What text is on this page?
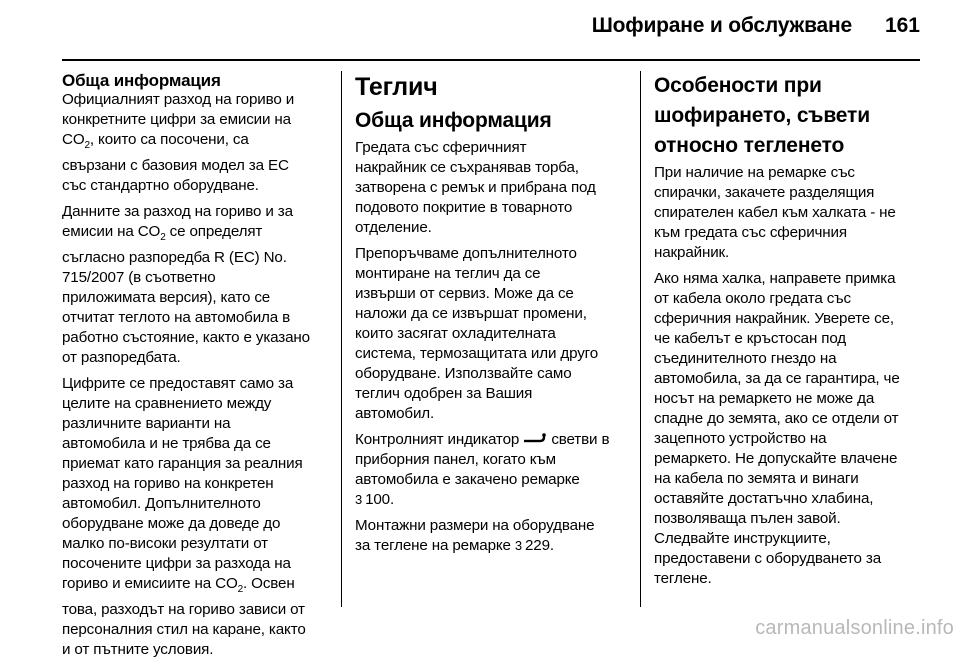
Шофиране и обслужване 161
Обща информация

Официалният разход на гориво и
конкретните цифри за емисии на
$CO_2$, които са посочени, са
свързани с базовия модел за ЕС
със стандартно оборудване.

Данните за разход на гориво и за
емисии на $CO_2$ се определят
съгласно разпоредба R (EC) No.
715/2007 (в съответно
приложимата версия), като се
отчитат теглото на автомобила в
работно състояние, както е указано
от разпоредбата.

Цифрите се предоставят само за
целите на сравнението между
различните варианти на
автомобила и не трябва да се
приемат като гаранция за реалния
разход на гориво на конкретен
автомобил. Допълнителното
оборудване може да доведе до
малко по-високи резултати от
посочените цифри за разхода на
гориво и емисиите на $CO_2$. Освен
това, разходът на гориво зависи от
персоналния стил на каране, както
и от пътните условия.

Теглич
Обща информация

Гредата със сферичният
накрайник се съхранявав торба,
затворена с ремък и прибрана под
подовото покритие в товарното
отделение.

Препоръчваме допълнителното
монтиране на теглич да се
извърши от сервиз. Може да се
наложи да се извършат промени,
които засягат охладителната
система, термозащитата или друго
оборудване. Използвайте само
теглич одобрен за Вашия
автомобил.

Контролният индикатор светви в
приборния панел, когато към
автомобила е закачено ремарке
3 100.

Монтажни размери на оборудване
за теглене на ремарке 3 229.

Особености при
шофирането, съвети
относно тегленето

При наличие на ремарке със
спирачки, закачете разделящия
спирателен кабел към халката - не
към гредата със сферичния
накрайник.

Ако няма халка, направете примка
от кабела около гредата със
сферичния накрайник. Уверете се,
че кабелът е кръстосан под
съединителното гнездо на
автомобила, за да се гарантира, че
носът на ремаркето не може да
спадне до земята, ако се отдели от
зацепното устройство на
ремаркето. Не допускайте влачене
на кабела по земята и винаги
оставяйте достатъчно хлабина,
позволяваща пълен завой.
Следвайте инструкциите,
предоставени с оборудването за
теглене.

carmanualsonline.info
